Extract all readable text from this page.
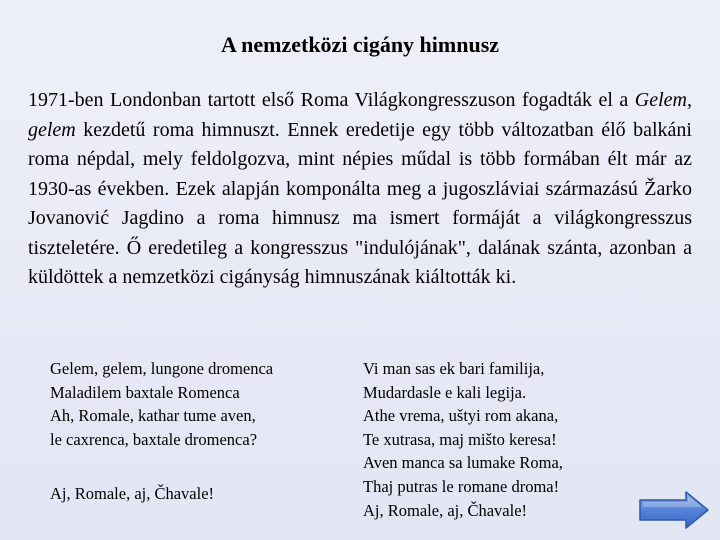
A nemzetközi cigány himnusz

1971-ben Londonban tartott első Roma Világkongresszuson fogadták el a Gelem, gelem kezdetű roma himnuszt. Ennek eredetije egy több változatban élő balkáni roma népdal, mely feldolgozva, mint népies műdal is több formában élt már az 1930-as években. Ezek alapján komponálta meg a jugoszláviai származású Žarko Jovanović Jagdino a roma himnusz ma ismert formáját a világkongresszus tiszteletére. Ő eredetileg a kongresszus "indulójának", dalának szánta, azonban a küldöttek a nemzetközi cigányság himnuszának kiáltották ki.

Gelem, gelem, lungone dromenca
Maladilem baxtale Romenca
Ah, Romale, kathar tume aven,
le caxrenca, baxtale dromenca?
Aj, Romale, aj, Čhavale!
Vi man sas ek bari familija,
Mudardasle e kali legija.
Athe vrema, uštyi rom akana,
Te xutrasa, maj mišto keresa!
Aven manca sa lumake Roma,
Thaj putras le romane droma!
Aj, Romale, aj, Čhavale!
